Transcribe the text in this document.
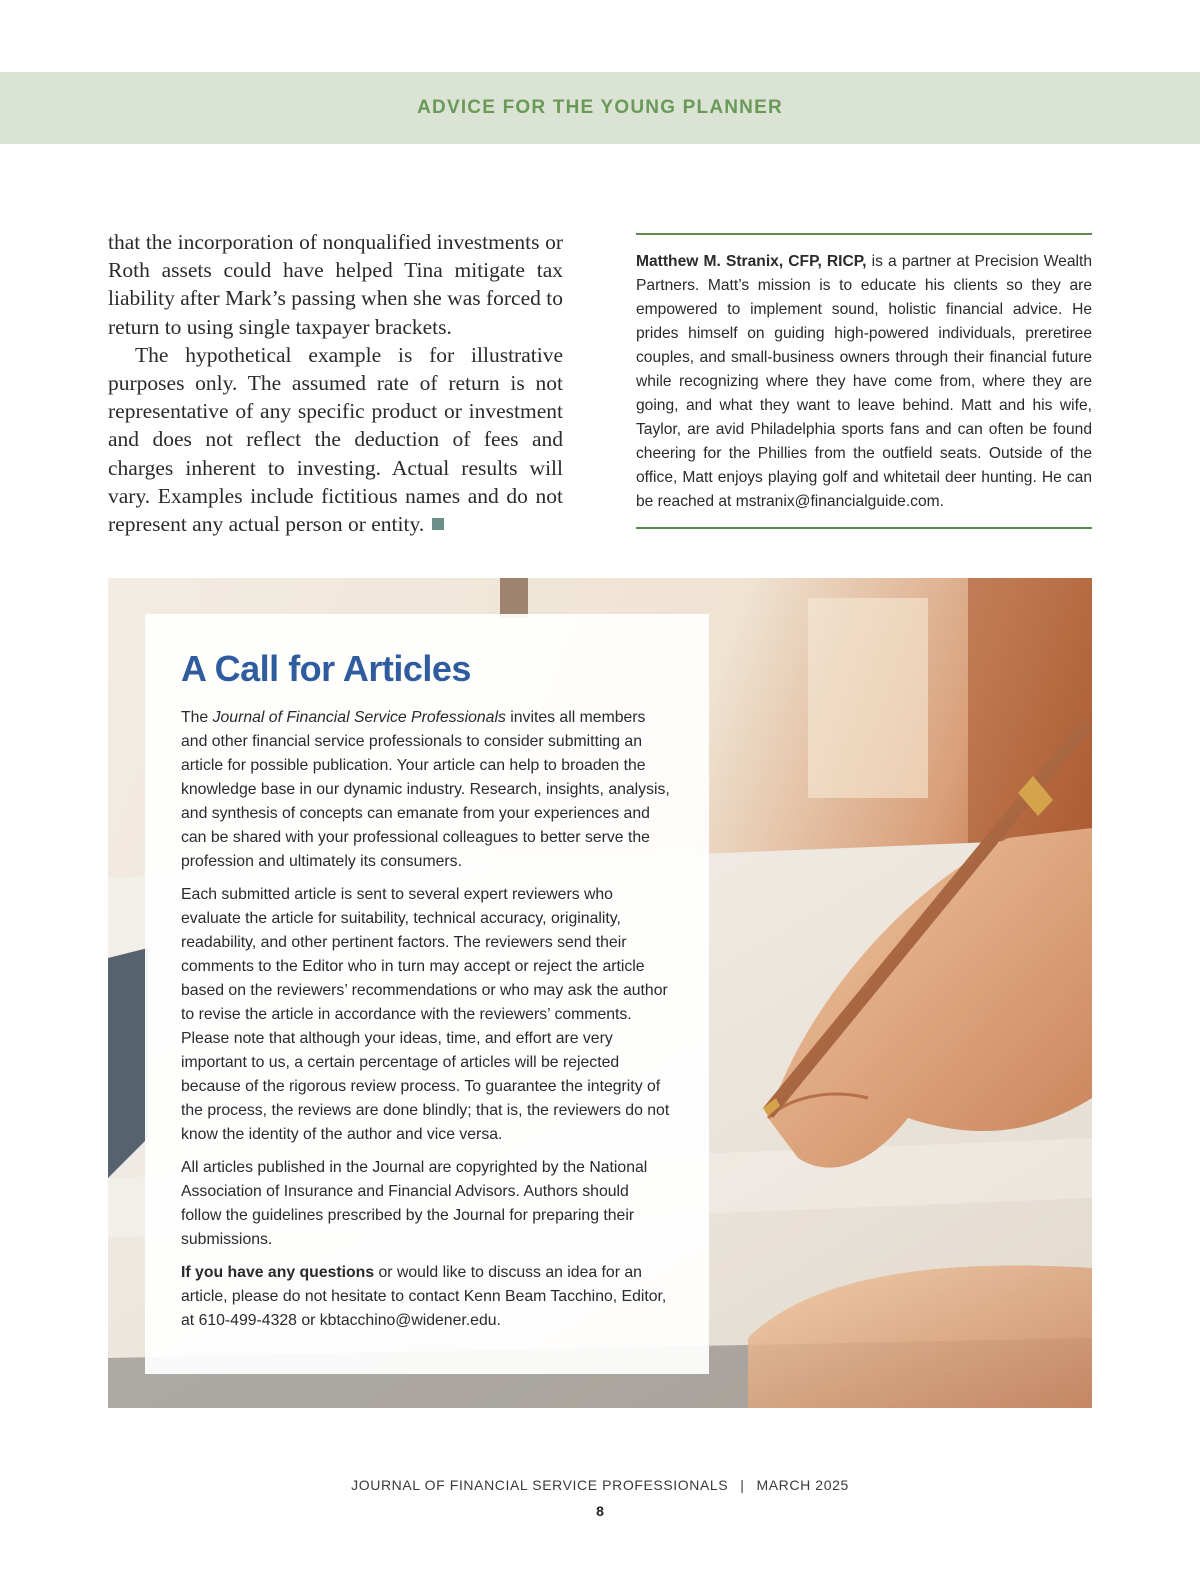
ADVICE FOR THE YOUNG PLANNER

that the incorporation of nonqualified investments or Roth assets could have helped Tina mitigate tax liability after Mark’s passing when she was forced to return to using single taxpayer brackets.

The hypothetical example is for illustrative purposes only. The assumed rate of return is not representative of any specific product or investment and does not reflect the deduction of fees and charges inherent to investing. Actual results will vary. Examples include fictitious names and do not represent any actual person or entity.

Matthew M. Stranix, CFP, RICP, is a partner at Precision Wealth Partners. Matt’s mission is to educate his clients so they are empowered to implement sound, holistic financial advice. He prides himself on guiding high-powered individuals, preretiree couples, and small-business owners through their financial future while recognizing where they have come from, where they are going, and what they want to leave behind. Matt and his wife, Taylor, are avid Philadelphia sports fans and can often be found cheering for the Phillies from the outfield seats. Outside of the office, Matt enjoys playing golf and whitetail deer hunting. He can be reached at mstranix@financialguide.com.

A Call for Articles

The Journal of Financial Service Professionals invites all members and other financial service professionals to consider submitting an article for possible publication. Your article can help to broaden the knowledge base in our dynamic industry. Research, insights, analysis, and synthesis of concepts can emanate from your experiences and can be shared with your professional colleagues to better serve the profession and ultimately its consumers.

Each submitted article is sent to several expert reviewers who evaluate the article for suitability, technical accuracy, originality, readability, and other pertinent factors. The reviewers send their comments to the Editor who in turn may accept or reject the article based on the reviewers’ recommendations or who may ask the author to revise the article in accordance with the reviewers’ comments. Please note that although your ideas, time, and effort are very important to us, a certain percentage of articles will be rejected because of the rigorous review process. To guarantee the integrity of the process, the reviews are done blindly; that is, the reviewers do not know the identity of the author and vice versa.

All articles published in the Journal are copyrighted by the National Association of Insurance and Financial Advisors. Authors should follow the guidelines prescribed by the Journal for preparing their submissions.

If you have any questions or would like to discuss an idea for an article, please do not hesitate to contact Kenn Beam Tacchino, Editor, at 610-499-4328 or kbtacchino@widener.edu.

JOURNAL OF FINANCIAL SERVICE PROFESSIONALS | MARCH 2025
8
